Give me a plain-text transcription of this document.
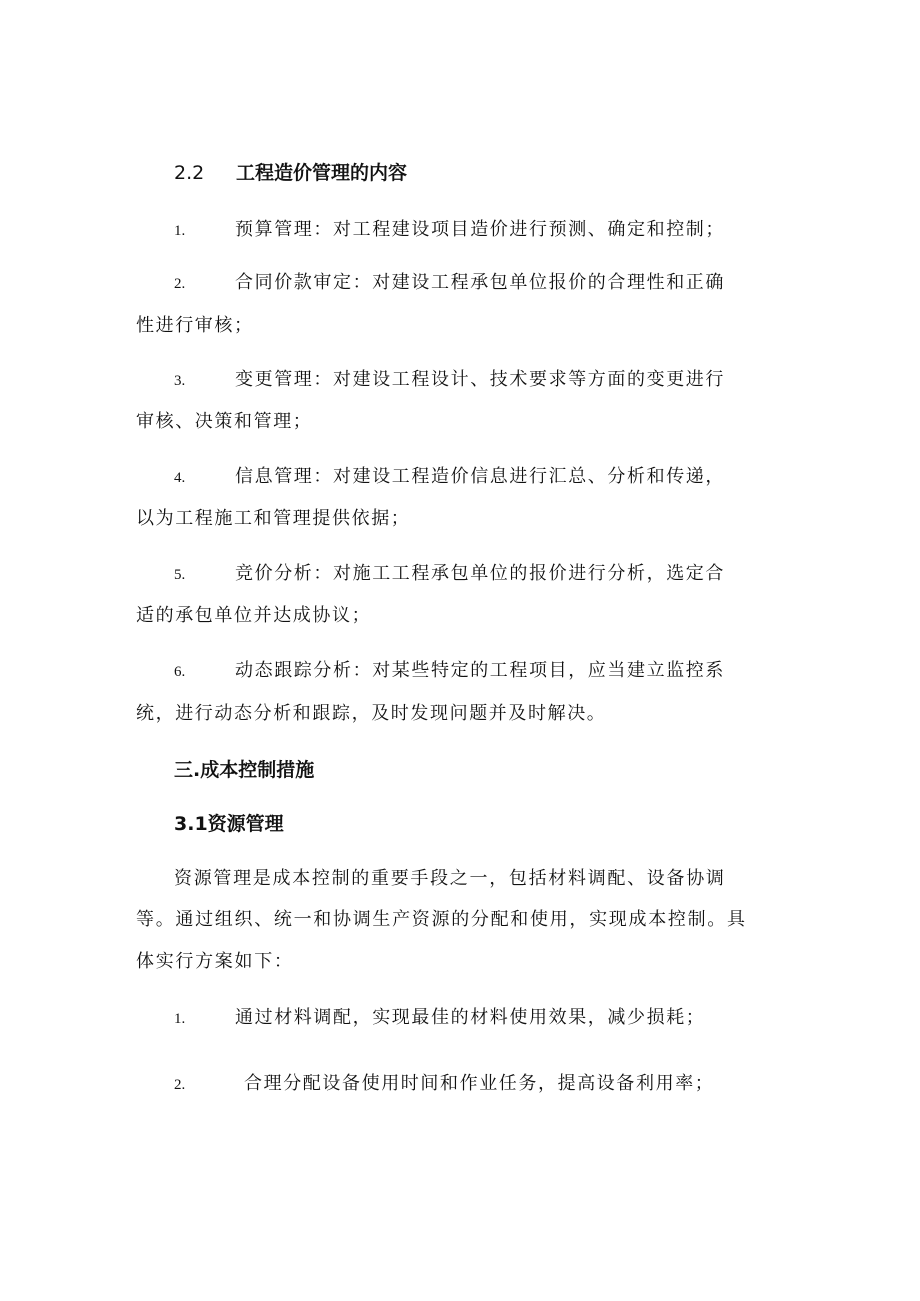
2.2 工程造价管理的内容
1.	预算管理：对工程建设项目造价进行预测、确定和控制；
2.	合同价款审定：对建设工程承包单位报价的合理性和正确
性进行审核；
3.	变更管理：对建设工程设计、技术要求等方面的变更进行
审核、决策和管理；
4.	信息管理：对建设工程造价信息进行汇总、分析和传递，
以为工程施工和管理提供依据；
5.	竞价分析：对施工工程承包单位的报价进行分析，选定合
适的承包单位并达成协议；
6.	动态跟踪分析：对某些特定的工程项目，应当建立监控系
统，进行动态分析和跟踪，及时发现问题并及时解决。
三.成本控制措施
3.1资源管理
资源管理是成本控制的重要手段之一，包括材料调配、设备协调
等。通过组织、统一和协调生产资源的分配和使用，实现成本控制。具
体实行方案如下：
1.	通过材料调配，实现最佳的材料使用效果，减少损耗；
2.	合理分配设备使用时间和作业任务，提高设备利用率；
